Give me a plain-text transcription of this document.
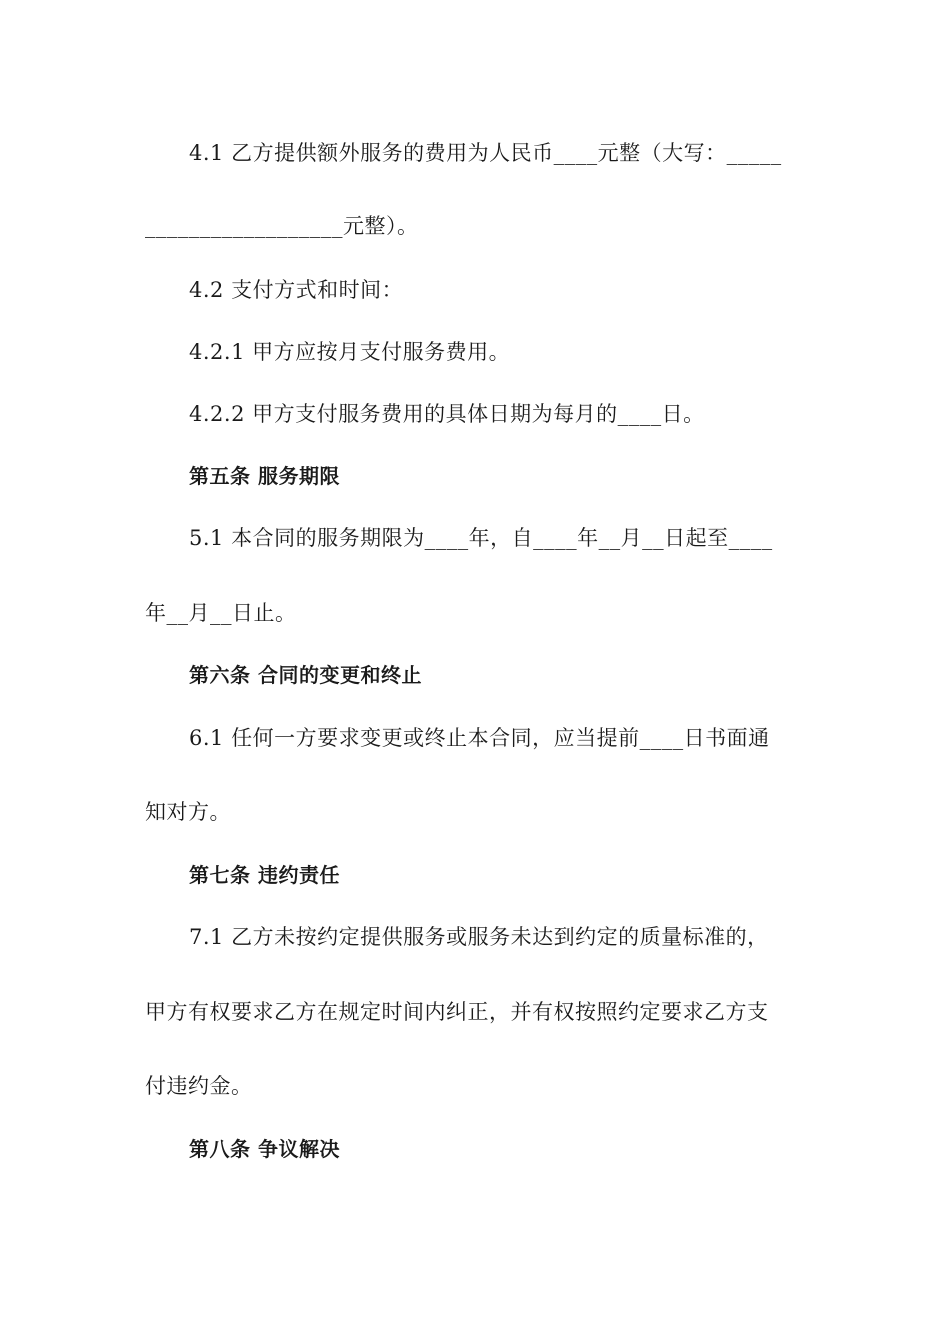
4.1 乙方提供额外服务的费用为人民币____元整（大写：_____
__________________元整）。
4.2 支付方式和时间：
4.2.1 甲方应按月支付服务费用。
4.2.2 甲方支付服务费用的具体日期为每月的____日。
第五条 服务期限
5.1 本合同的服务期限为____年，自____年__月__日起至____
年__月__日止。
第六条 合同的变更和终止
6.1 任何一方要求变更或终止本合同，应当提前____日书面通
知对方。
第七条 违约责任
7.1 乙方未按约定提供服务或服务未达到约定的质量标准的，
甲方有权要求乙方在规定时间内纠正，并有权按照约定要求乙方支
付违约金。
第八条 争议解决
